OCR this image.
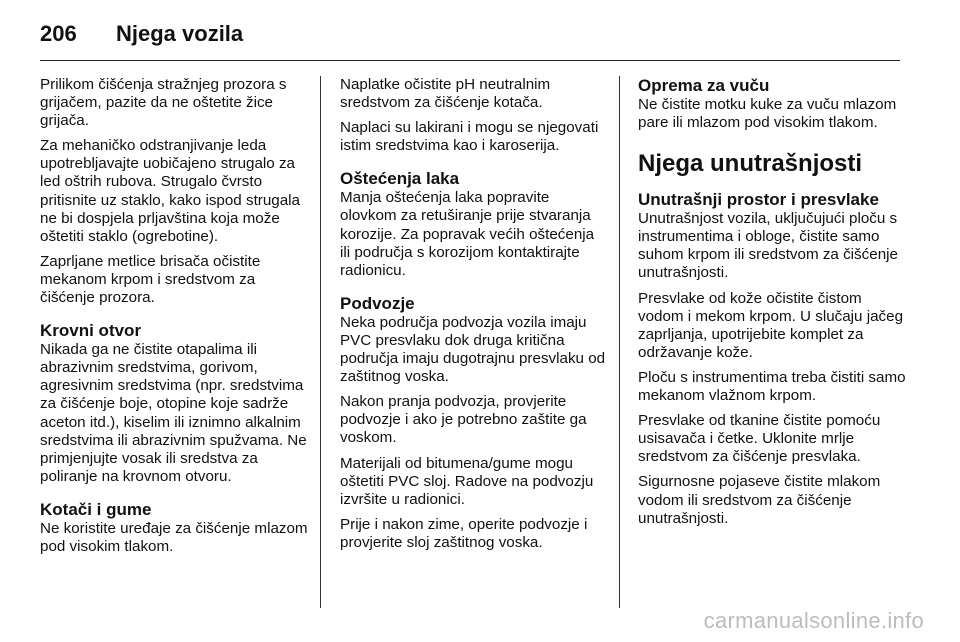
206	Njega vozila

Prilikom čišćenja stražnjeg prozora s grijačem, pazite da ne oštetite žice grijača.

Za mehaničko odstranjivanje leda upotrebljavajte uobičajeno strugalo za led oštrih rubova. Strugalo čvrsto pritisnite uz staklo, kako ispod strugala ne bi dospjela prljavština koja može oštetiti staklo (ogrebotine).

Zaprljane metlice brisača očistite mekanom krpom i sredstvom za čišćenje prozora.

Krovni otvor

Nikada ga ne čistite otapalima ili abrazivnim sredstvima, gorivom, agresivnim sredstvima (npr. sredstvima za čišćenje boje, otopine koje sadrže aceton itd.), kiselim ili iznimno alkalnim sredstvima ili abrazivnim spužvama. Ne primjenjujte vosak ili sredstva za poliranje na krovnom otvoru.

Kotači i gume

Ne koristite uređaje za čišćenje mlazom pod visokim tlakom.

Naplatke očistite pH neutralnim sredstvom za čišćenje kotača.

Naplaci su lakirani i mogu se njegovati istim sredstvima kao i karoserija.

Oštećenja laka

Manja oštećenja laka popravite olovkom za retuširanje prije stvaranja korozije. Za popravak većih oštećenja ili područja s korozijom kontaktirajte radionicu.

Podvozje

Neka područja podvozja vozila imaju PVC presvlaku dok druga kritična područja imaju dugotrajnu presvlaku od zaštitnog voska.

Nakon pranja podvozja, provjerite podvozje i ako je potrebno zaštite ga voskom.

Materijali od bitumena/gume mogu oštetiti PVC sloj. Radove na podvozju izvršite u radionici.

Prije i nakon zime, operite podvozje i provjerite sloj zaštitnog voska.

Oprema za vuču

Ne čistite motku kuke za vuču mlazom pare ili mlazom pod visokim tlakom.

Njega unutrašnjosti
Unutrašnji prostor i presvlake

Unutrašnjost vozila, uključujući ploču s instrumentima i obloge, čistite samo suhom krpom ili sredstvom za čišćenje unutrašnjosti.

Presvlake od kože očistite čistom vodom i mekom krpom. U slučaju jačeg zaprljanja, upotrijebite komplet za održavanje kože.

Ploču s instrumentima treba čistiti samo mekanom vlažnom krpom.

Presvlake od tkanine čistite pomoću usisavača i četke. Uklonite mrlje sredstvom za čišćenje presvlaka.

Sigurnosne pojaseve čistite mlakom vodom ili sredstvom za čišćenje unutrašnjosti.

carmanualsonline.info
